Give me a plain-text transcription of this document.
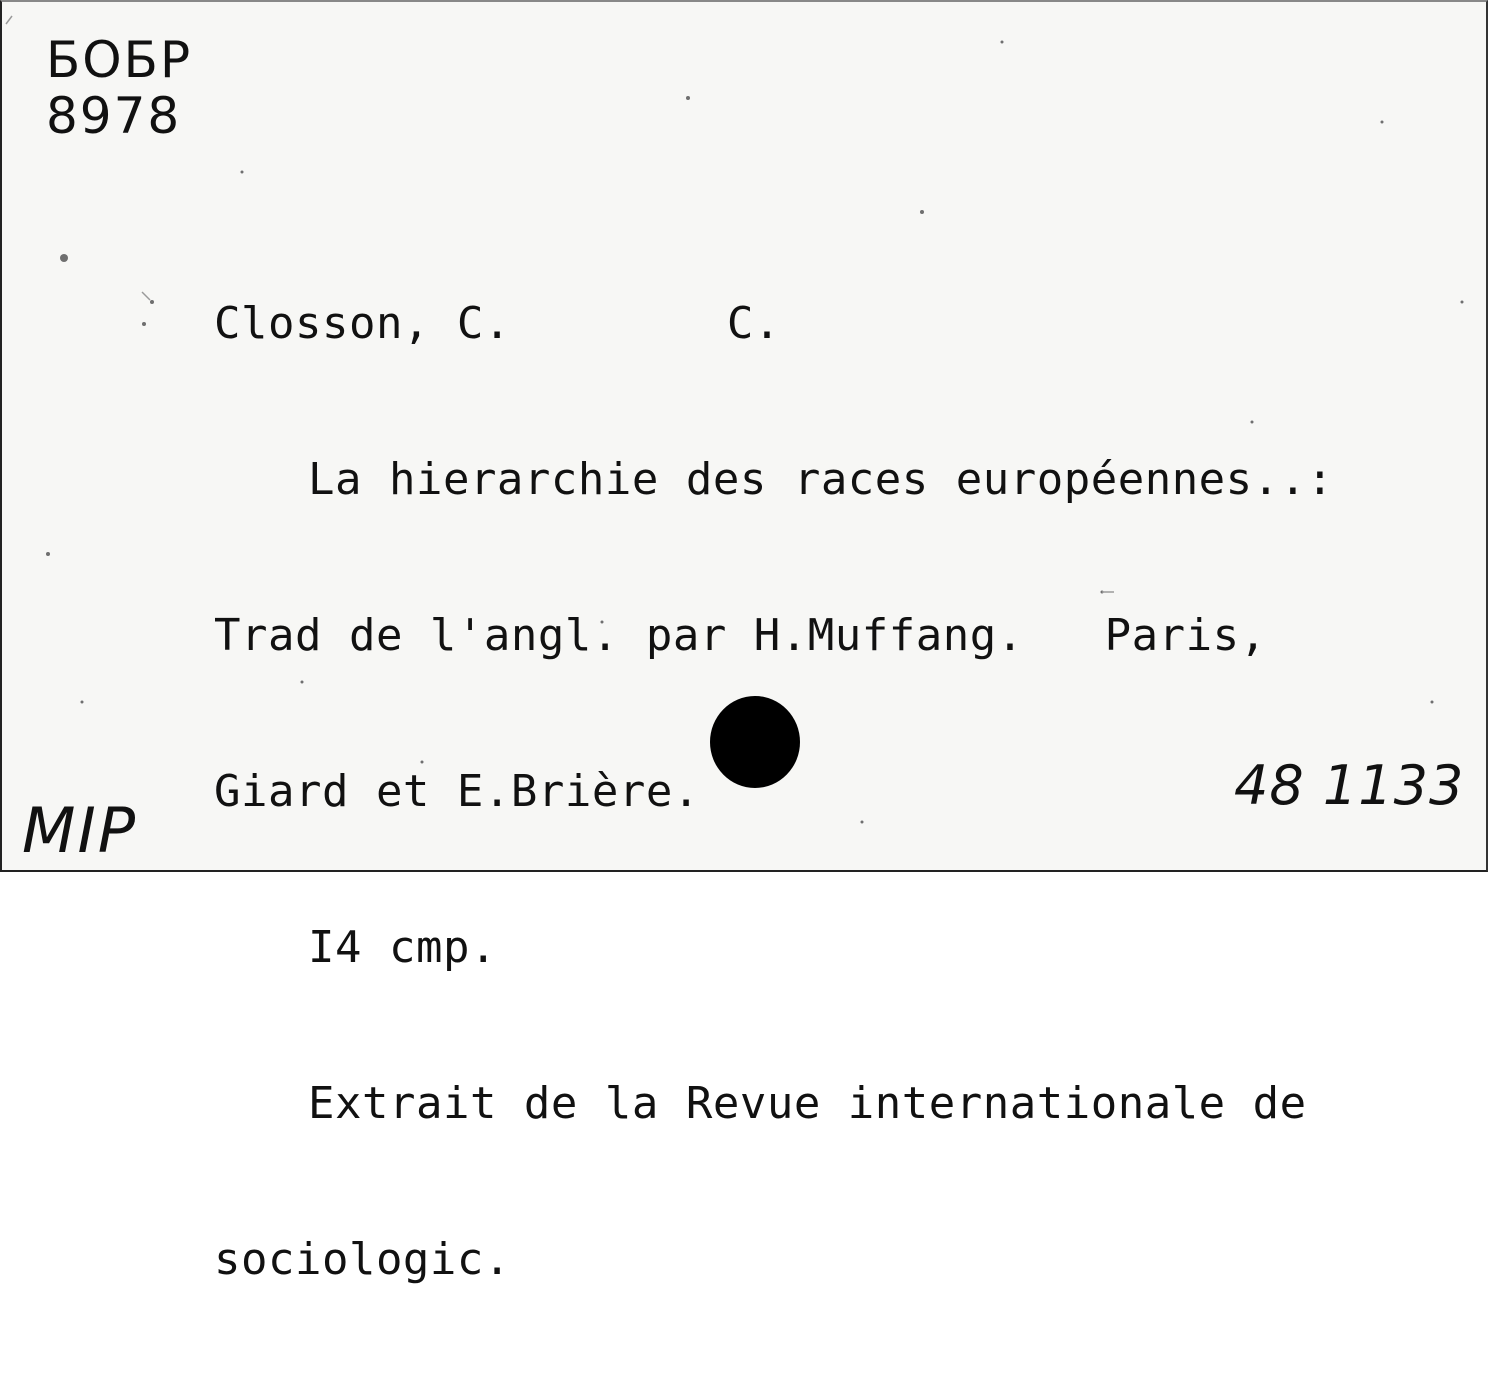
БОБР
8978

Closson, C.        C.

La hierarchie des races européennes..:

Trad de l'angl. par H.Muffang.   Paris,

Giard et E.Brière.

I4 cmp.

Extrait de la Revue internationale de

sociologic.

MIP
48 1133
